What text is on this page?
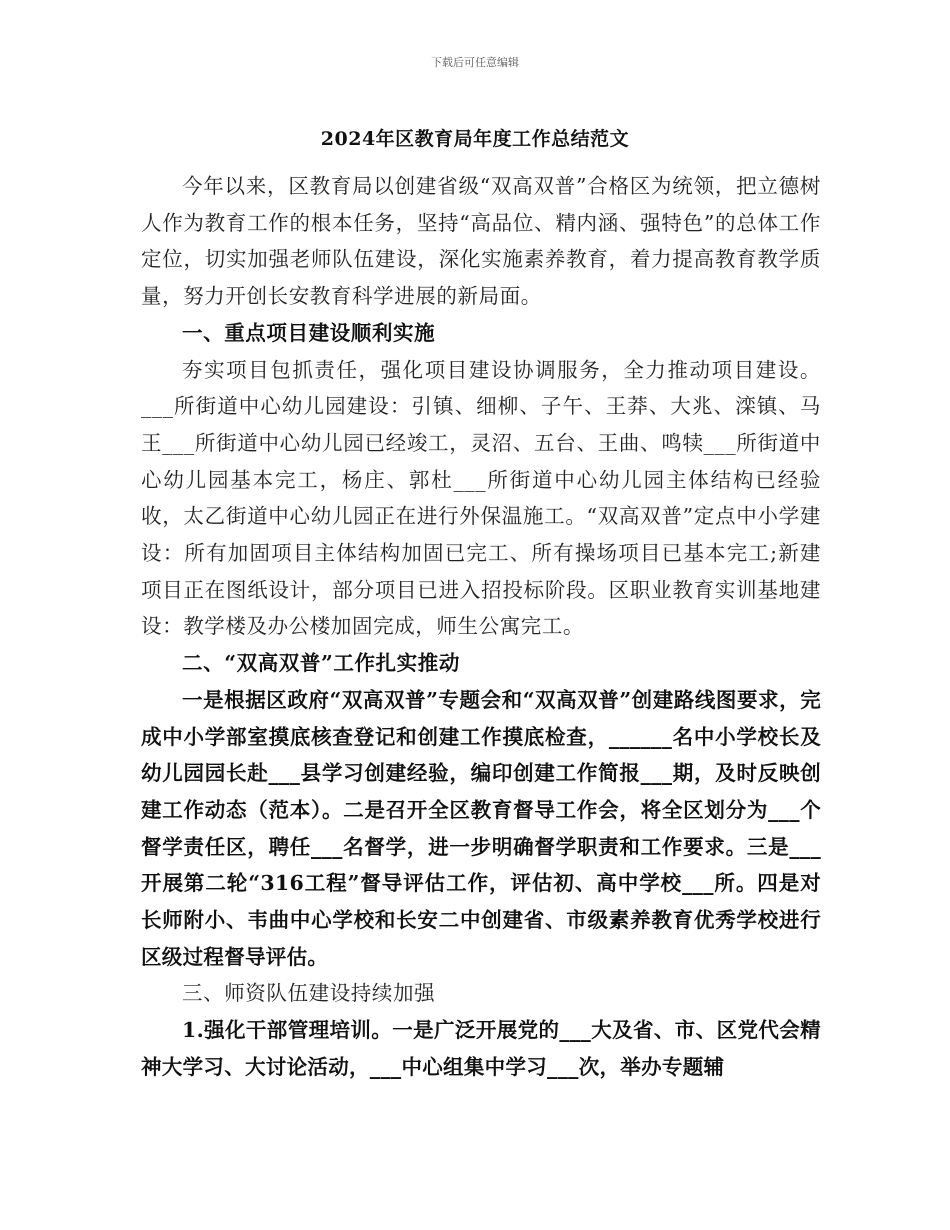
下载后可任意编辑
2024年区教育局年度工作总结范文

今年以来，区教育局以创建省级“双高双普”合格区为统领，把立德树人作为教育工作的根本任务，坚持“高品位、精内涵、强特色”的总体工作定位，切实加强老师队伍建设，深化实施素养教育，着力提高教育教学质量，努力开创长安教育科学进展的新局面。

一、重点项目建设顺利实施

夯实项目包抓责任，强化项目建设协调服务，全力推动项目建设。___所街道中心幼儿园建设：引镇、细柳、子午、王莽、大兆、滦镇、马王___所街道中心幼儿园已经竣工，灵沼、五台、王曲、鸣犊___所街道中心幼儿园基本完工，杨庄、郭杜___所街道中心幼儿园主体结构已经验收，太乙街道中心幼儿园正在进行外保温施工。“双高双普”定点中小学建设：所有加固项目主体结构加固已完工、所有操场项目已基本完工;新建项目正在图纸设计，部分项目已进入招投标阶段。区职业教育实训基地建设：教学楼及办公楼加固完成，师生公寓完工。

二、“双高双普”工作扎实推动

一是根据区政府“双高双普”专题会和“双高双普”创建路线图要求，完成中小学部室摸底核查登记和创建工作摸底检查，______名中小学校长及幼儿园园长赴___县学习创建经验，编印创建工作简报___期，及时反映创建工作动态（范本）。二是召开全区教育督导工作会，将全区划分为___个督学责任区，聘任___名督学，进一步明确督学职责和工作要求。三是___开展第二轮“316工程”督导评估工作，评估初、高中学校___所。四是对长师附小、韦曲中心学校和长安二中创建省、市级素养教育优秀学校进行区级过程督导评估。

三、师资队伍建设持续加强

1.强化干部管理培训。一是广泛开展党的___大及省、市、区党代会精神大学习、大讨论活动，___中心组集中学习___次，举办专题辅
